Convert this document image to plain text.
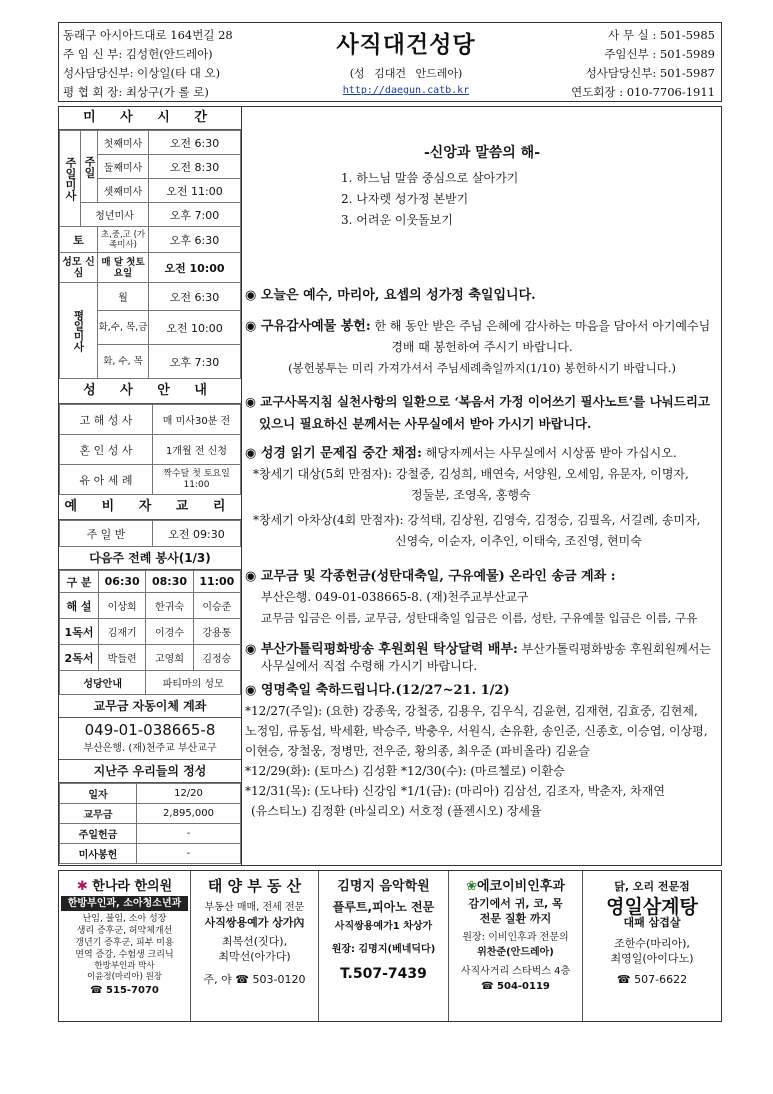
동래구 아시아드대로 164번길 28
주 임 신 부: 김성헌(안드레아)
성사담당신부: 이상일(타 대 오)
평 협 회 장: 최상구(가 롤 로)
사직대건성당
(성 김대건 안드레아)
http://daegun.catb.kr
사 무 실 : 501-5985
주임신부 : 501-5989
성사담당신부: 501-5987
연도회장 : 010-7706-1911
미 사 시 간
주일미사	주일	첫째미사	오전 6:30
		둘째미사	오전 8:30
		셋째미사	오전 11:00
	청년미사		오후 7:00
토		초,중,고 (가족미사)	오후 6:30
성모 신심		매 달 첫토요일	오전 10:00
평일미사		월	오전 6:30
		화,수, 목,금	오전 10:00
		화, 수, 목	오후 7:30
성 사 안 내
고 해 성 사	매 미사30분 전
혼 인 성 사	1개월 전 신청
유 아 세 례	짝수달 첫 토요일 11:00
예 비 자 교 리
주 일 반	오전 09:30
다음주 전례 봉사(1/3)
구 분	06:30	08:30	11:00
해 설	이상희	한귀숙	이승준
1독서	김재기	이경수	강용통
2독서	박들련	고영희	김정승
성당안내		파티마의 성모	
교무금 자동이체 계좌
049-01-038665-8
부산은행. (재)천주교 부산교구
지난주 우리들의 정성
일자	12/20
교무금	2,895,000
주일헌금	-
미사봉헌	-
-신앙과 말씀의 해-
1. 하느님 말씀 중심으로 살아가기
2. 나자렛 성가정 본받기
3. 어려운 이웃돌보기
◉ 오늘은 예수, 마리아, 요셉의 성가정 축일입니다.
◉ 구유감사예물 봉헌: 한 해 동안 받은 주님 은혜에 감사하는 마음을 담아서 아기예수님
경배 때 봉헌하여 주시기 바랍니다.
(봉헌봉투는 미리 가져가셔서 주님세례축일까지(1/10) 봉헌하시기 바랍니다.)
◉ 교구사목지침 실천사항의 일환으로 ‘복음서 가정 이어쓰기 필사노트’를 나눠드리고
있으니 필요하신 분께서는 사무실에서 받아 가시기 바랍니다.
◉ 성경 읽기 문제집 중간 채점: 해당자께서는 사무실에서 시상품 받아 가십시오.
*창세기 대상(5회 만점자): 강철중, 김성희, 배연숙, 서양원, 오세임, 유문자, 이명자,
정둘분, 조영옥, 홍행숙
*창세기 아차상(4회 만점자): 강석태, 김상원, 김영숙, 김정승, 김필옥, 서길례, 송미자,
신영숙, 이순자, 이추인, 이태숙, 조진영, 현미숙
◉ 교무금 및 각종헌금(성탄대축일, 구유예물) 온라인 송금 계좌 :
부산은행. 049-01-038665-8. (재)천주교부산교구
교무금 입금은 이름, 교무금, 성탄대축일 입금은 이름, 성탄, 구유예물 입금은 이름, 구유
◉ 부산가톨릭평화방송 후원회원 탁상달력 배부: 부산가톨릭평화방송 후원회원께서는
사무실에서 직접 수령해 가시기 바랍니다.
◉ 영명축일 축하드립니다.(12/27~21. 1/2)
*12/27(주일): (요한) 강종욱, 강철중, 김용우, 김우식, 김윤현, 김재현, 김효중, 김현제,
노정임, 류동섭, 박세환, 박승주, 박충우, 서원식, 손유환, 송인준, 신종호, 이승엽, 이상평,
이현승, 장철웅, 정병만, 전우준, 황의종, 최우준 (파비올라) 김윤슬
*12/29(화): (토마스) 김성환 *12/30(수): (마르첼로) 이환승
*12/31(목): (도나타) 신강임 *1/1(금): (마리아) 김삼선, 김조자, 박춘자, 차재연
(유스티노) 김정환 (바실리오) 서호정 (플젠시오) 장세율
✱ 한나라 한의원
한방부인과, 소아청소년과
난임, 불임, 소아 성장
생리 증후군, 허약체개선
갱년기 증후군, 피부 미용
면역 증강, 수험생 크리닉
한방부인과 박사
이윤정(마리아) 원장
☎ 515-7070
태 양 부 동 산
부동산 매매, 전세 전문
사직쌍용예가 상가內
최복선(짓다),
최막선(아가다)
주, 야 ☎ 503-0120
김명지 음악학원
플루트,피아노 전문
사직쌍용예가1 차상가
원장: 김명지(베네딕다)
T.507-7439
❀에코이비인후과
감기에서 귀, 코, 목
전문 질환 까지
원장: 이비인후과 전문의
위찬준(안드레아)
사직사거리 스타벅스 4층
☎ 504-0119
닭, 오리 전문점
영일삼계탕
대패 삼겹살
조한수(마리아),
최영일(아이다노)
☎ 507-6622
